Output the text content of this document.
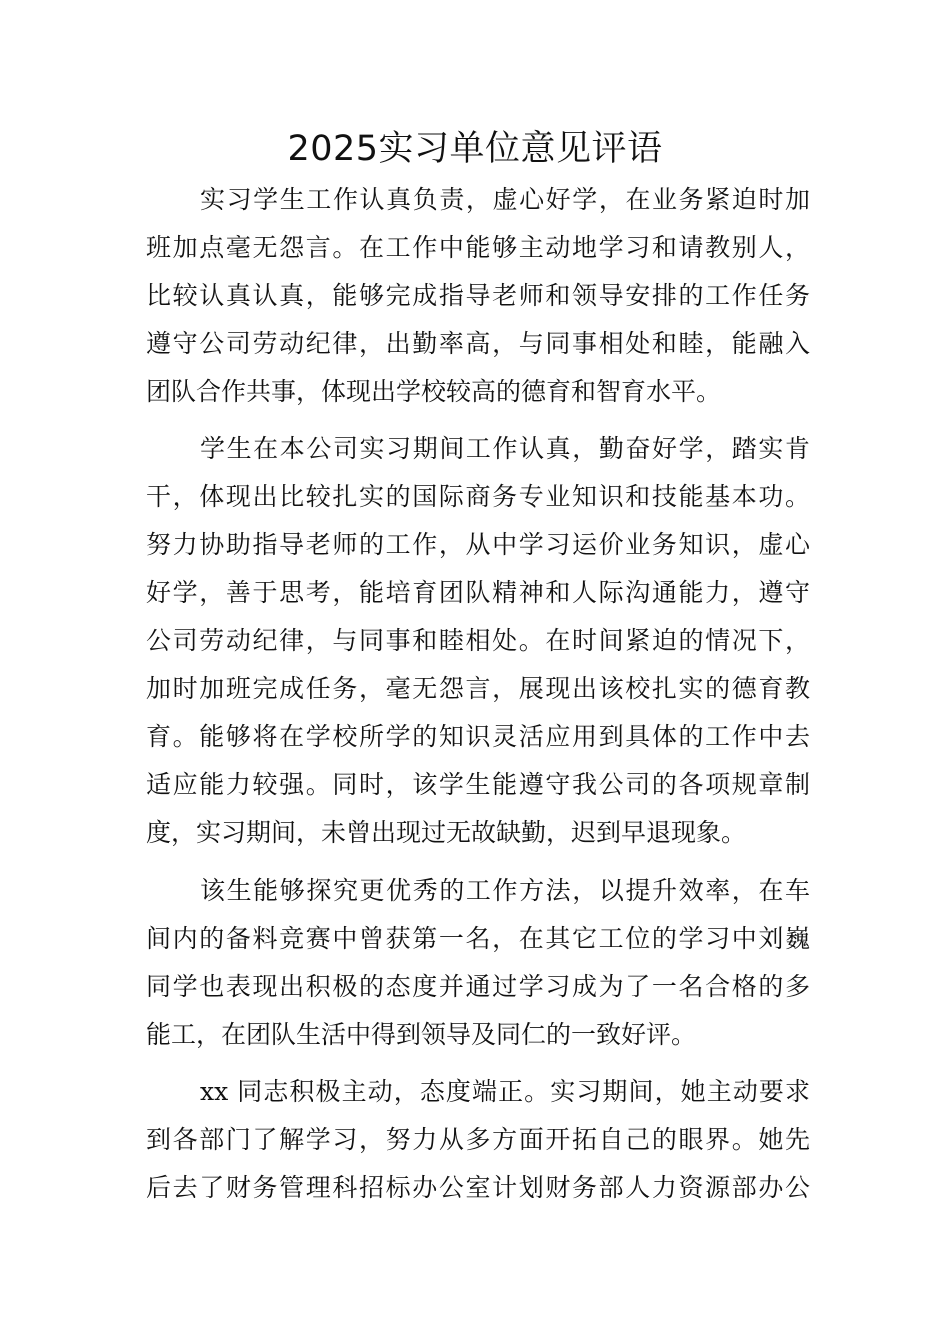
2025实习单位意见评语
实习学生工作认真负责，虚心好学，在业务紧迫时加
班加点毫无怨言。在工作中能够主动地学习和请教别人，
比较认真认真，能够完成指导老师和领导安排的工作任务
遵守公司劳动纪律，出勤率高，与同事相处和睦，能融入
团队合作共事，体现出学校较高的德育和智育水平。
学生在本公司实习期间工作认真，勤奋好学，踏实肯
干，体现出比较扎实的国际商务专业知识和技能基本功。
努力协助指导老师的工作，从中学习运价业务知识，虚心
好学，善于思考，能培育团队精神和人际沟通能力，遵守
公司劳动纪律，与同事和睦相处。在时间紧迫的情况下，
加时加班完成任务，毫无怨言，展现出该校扎实的德育教
育。能够将在学校所学的知识灵活应用到具体的工作中去
适应能力较强。同时，该学生能遵守我公司的各项规章制
度，实习期间，未曾出现过无故缺勤，迟到早退现象。
该生能够探究更优秀的工作方法，以提升效率，在车
间内的备料竞赛中曾获第一名，在其它工位的学习中刘巍
同学也表现出积极的态度并通过学习成为了一名合格的多
能工，在团队生活中得到领导及同仁的一致好评。
xx 同志积极主动，态度端正。实习期间，她主动要求
到各部门了解学习，努力从多方面开拓自己的眼界。她先
后去了财务管理科招标办公室计划财务部人力资源部办公
